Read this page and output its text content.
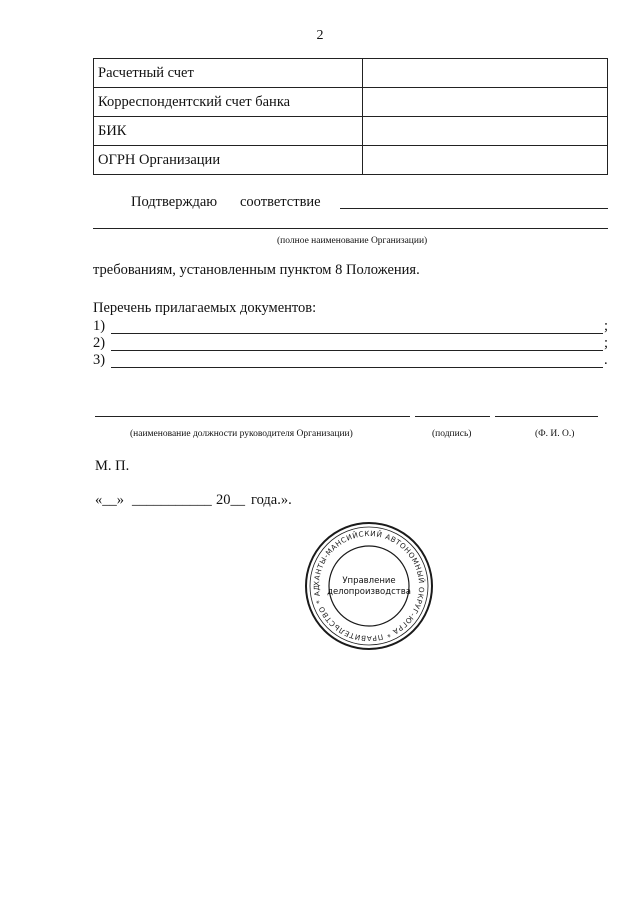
2
Расчетный счет	
Корреспондентский счет банка	
БИК	
ОГРН Организации	
Подтверждаю соответствие
(полное наименование Организации)
требованиям, установленным пунктом 8 Положения.
Перечень прилагаемых документов:
1)	;
2)	;
3)	.
(наименование должности руководителя Организации)	(подпись)	(Ф. И. О.)
М. П.
«__» ___________ 20__ года.».
ХАНТЫ-МАНСИЙСКИЙ АВТОНОМНЫЙ ОКРУГ-ЮГРА * ПРАВИТЕЛЬСТВО * АД
Управление
делопроизводства
